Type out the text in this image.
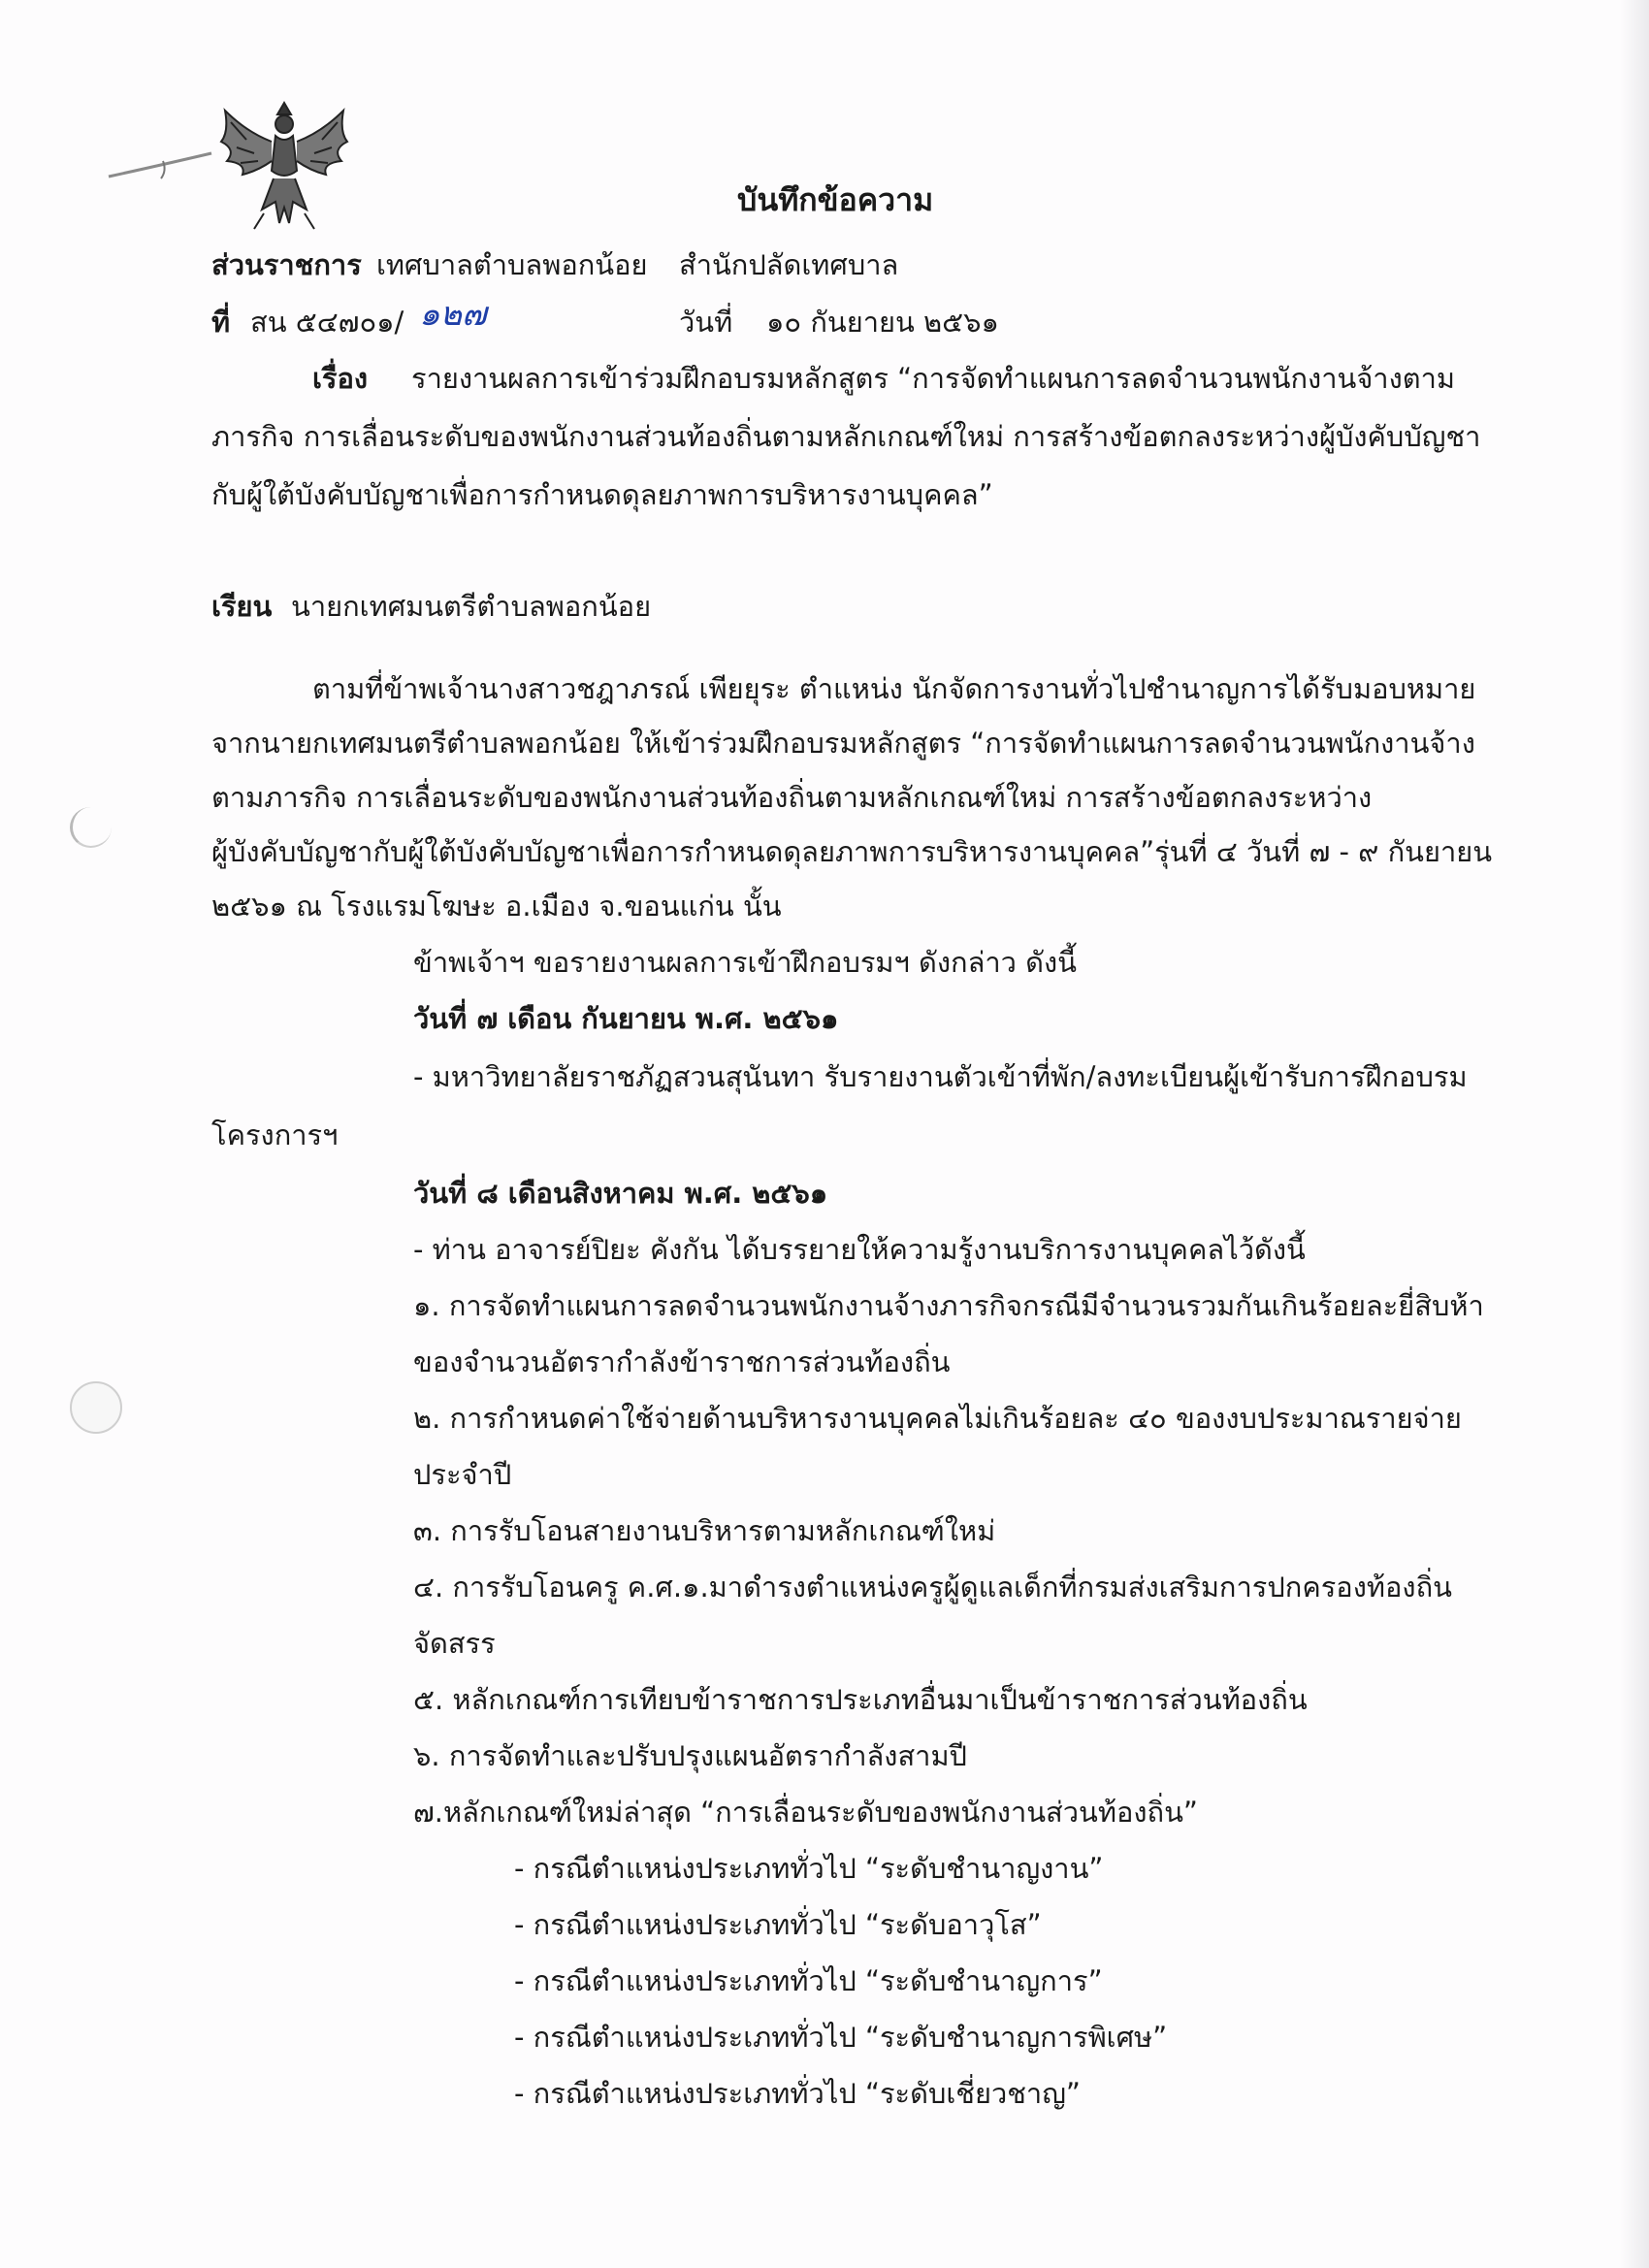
บันทึกข้อความ
ส่วนราชการ เทศบาลตำบลพอกน้อย สำนักปลัดเทศบาล
ที่ สน ๕๔๗๐๑/ ๑๒๗	วันที่ ๑๐ กันยายน ๒๕๖๑
เรื่อง รายงานผลการเข้าร่วมฝึกอบรมหลักสูตร “การจัดทำแผนการลดจำนวนพนักงานจ้างตาม
ภารกิจ การเลื่อนระดับของพนักงานส่วนท้องถิ่นตามหลักเกณฑ์ใหม่ การสร้างข้อตกลงระหว่างผู้บังคับบัญชา
กับผู้ใต้บังคับบัญชาเพื่อการกำหนดดุลยภาพการบริหารงานบุคคล”
เรียน นายกเทศมนตรีตำบลพอกน้อย
ตามที่ข้าพเจ้านางสาวชฎาภรณ์ เพียยุระ ตำแหน่ง นักจัดการงานทั่วไปชำนาญการได้รับมอบหมาย
จากนายกเทศมนตรีตำบลพอกน้อย ให้เข้าร่วมฝึกอบรมหลักสูตร “การจัดทำแผนการลดจำนวนพนักงานจ้าง
ตามภารกิจ การเลื่อนระดับของพนักงานส่วนท้องถิ่นตามหลักเกณฑ์ใหม่ การสร้างข้อตกลงระหว่าง
ผู้บังคับบัญชากับผู้ใต้บังคับบัญชาเพื่อการกำหนดดุลยภาพการบริหารงานบุคคล”รุ่นที่ ๔ วันที่ ๗ - ๙ กันยายน
๒๕๖๑ ณ โรงแรมโฆษะ อ.เมือง จ.ขอนแก่น นั้น
ข้าพเจ้าฯ ขอรายงานผลการเข้าฝึกอบรมฯ ดังกล่าว ดังนี้
วันที่ ๗ เดือน กันยายน พ.ศ. ๒๕๖๑
- มหาวิทยาลัยราชภัฏสวนสุนันทา รับรายงานตัวเข้าที่พัก/ลงทะเบียนผู้เข้ารับการฝึกอบรม
โครงการฯ
วันที่ ๘ เดือนสิงหาคม พ.ศ. ๒๕๖๑
- ท่าน อาจารย์ปิยะ คังกัน ได้บรรยายให้ความรู้งานบริการงานบุคคลไว้ดังนี้
๑. การจัดทำแผนการลดจำนวนพนักงานจ้างภารกิจกรณีมีจำนวนรวมกันเกินร้อยละยี่สิบห้า
ของจำนวนอัตรากำลังข้าราชการส่วนท้องถิ่น
๒. การกำหนดค่าใช้จ่ายด้านบริหารงานบุคคลไม่เกินร้อยละ ๔๐ ของงบประมาณรายจ่าย
ประจำปี
๓. การรับโอนสายงานบริหารตามหลักเกณฑ์ใหม่
๔. การรับโอนครู ค.ศ.๑.มาดำรงตำแหน่งครูผู้ดูแลเด็กที่กรมส่งเสริมการปกครองท้องถิ่น
จัดสรร
๕. หลักเกณฑ์การเทียบข้าราชการประเภทอื่นมาเป็นข้าราชการส่วนท้องถิ่น
๖. การจัดทำและปรับปรุงแผนอัตรากำลังสามปี
๗.หลักเกณฑ์ใหม่ล่าสุด “การเลื่อนระดับของพนักงานส่วนท้องถิ่น”
- กรณีตำแหน่งประเภททั่วไป “ระดับชำนาญงาน”
- กรณีตำแหน่งประเภททั่วไป “ระดับอาวุโส”
- กรณีตำแหน่งประเภททั่วไป “ระดับชำนาญการ”
- กรณีตำแหน่งประเภททั่วไป “ระดับชำนาญการพิเศษ”
- กรณีตำแหน่งประเภททั่วไป “ระดับเชี่ยวชาญ”
